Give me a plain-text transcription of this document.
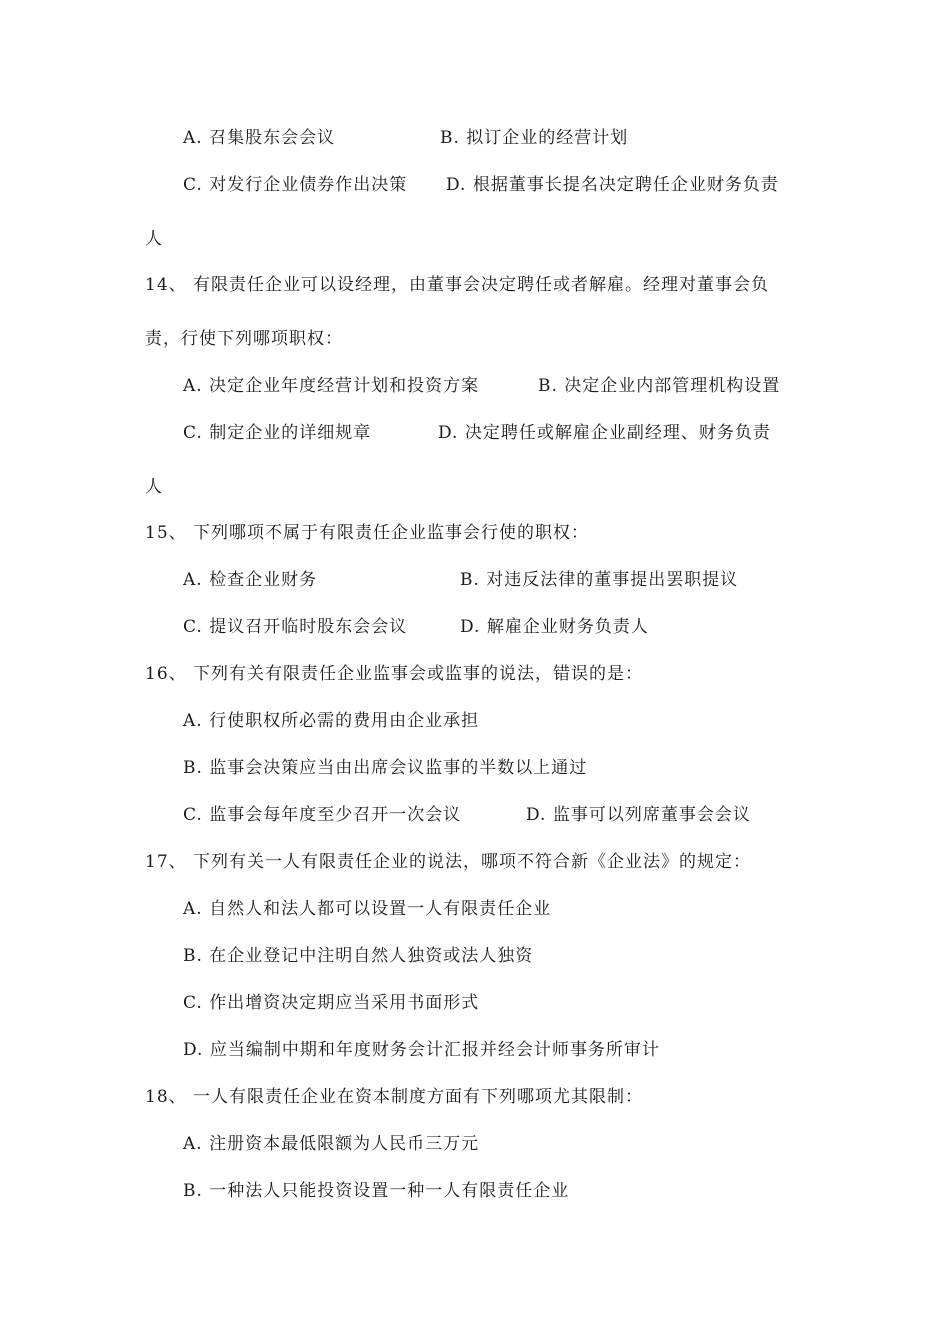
A. 召集股东会会议	B. 拟订企业的经营计划
C. 对发行企业债券作出决策 D. 根据董事长提名决定聘任企业财务负责
人
14、 有限责任企业可以设经理，由董事会决定聘任或者解雇。经理对董事会负
责，行使下列哪项职权：
A. 决定企业年度经营计划和投资方案	B. 决定企业内部管理机构设置
C. 制定企业的详细规章	D. 决定聘任或解雇企业副经理、财务负责
人
15、 下列哪项不属于有限责任企业监事会行使的职权：
A. 检查企业财务	B. 对违反法律的董事提出罢职提议
C. 提议召开临时股东会会议	D. 解雇企业财务负责人
16、 下列有关有限责任企业监事会或监事的说法，错误的是：
A. 行使职权所必需的费用由企业承担
B. 监事会决策应当由出席会议监事的半数以上通过
C. 监事会每年度至少召开一次会议	D. 监事可以列席董事会会议
17、 下列有关一人有限责任企业的说法，哪项不符合新《企业法》的规定：
A. 自然人和法人都可以设置一人有限责任企业
B. 在企业登记中注明自然人独资或法人独资
C. 作出增资决定期应当采用书面形式
D. 应当编制中期和年度财务会计汇报并经会计师事务所审计
18、 一人有限责任企业在资本制度方面有下列哪项尤其限制：
A. 注册资本最低限额为人民币三万元
B. 一种法人只能投资设置一种一人有限责任企业
